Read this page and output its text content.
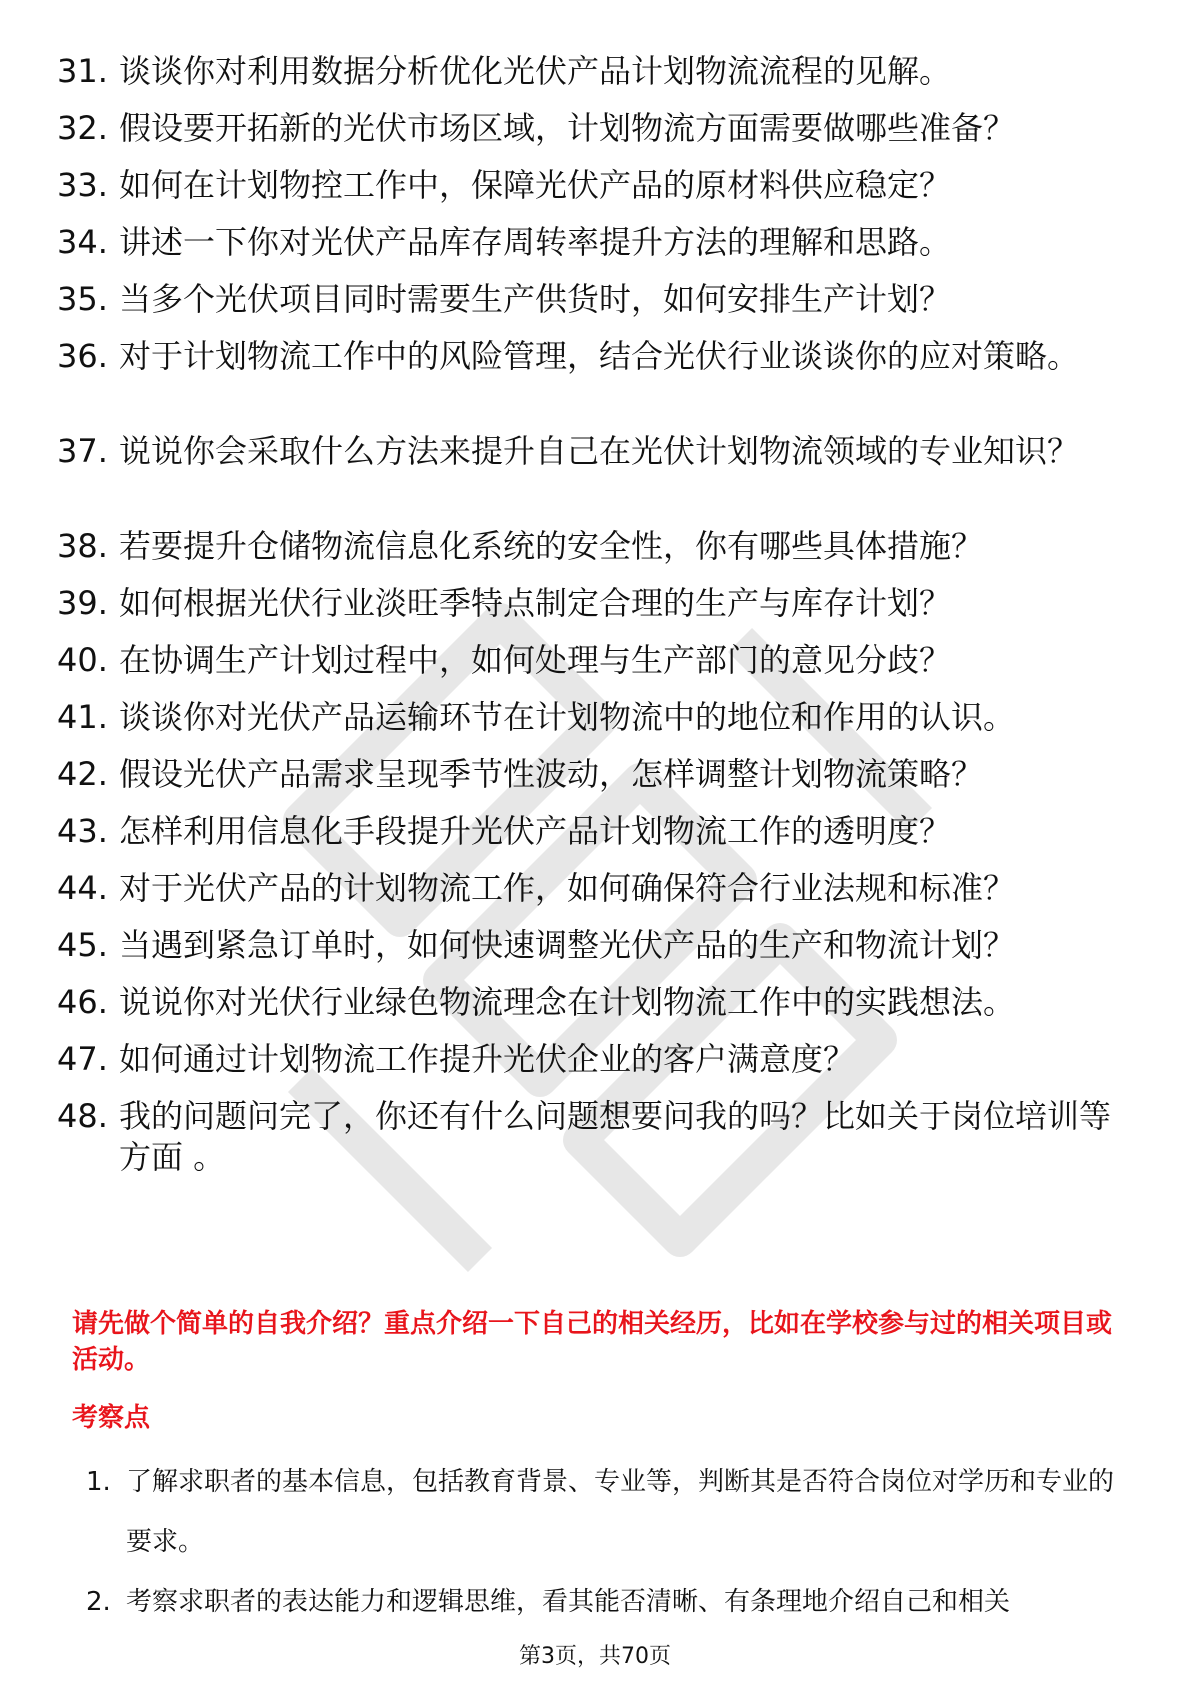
31. 谈谈你对利用数据分析优化光伏产品计划物流流程的见解。
32. 假设要开拓新的光伏市场区域，计划物流方面需要做哪些准备？
33. 如何在计划物控工作中，保障光伏产品的原材料供应稳定？
34. 讲述一下你对光伏产品库存周转率提升方法的理解和思路。
35. 当多个光伏项目同时需要生产供货时，如何安排生产计划？
36. 对于计划物流工作中的风险管理，结合光伏行业谈谈你的应对策略。
37. 说说你会采取什么方法来提升自己在光伏计划物流领域的专业知识？
38. 若要提升仓储物流信息化系统的安全性，你有哪些具体措施？
39. 如何根据光伏行业淡旺季特点制定合理的生产与库存计划？
40. 在协调生产计划过程中，如何处理与生产部门的意见分歧？
41. 谈谈你对光伏产品运输环节在计划物流中的地位和作用的认识。
42. 假设光伏产品需求呈现季节性波动，怎样调整计划物流策略？
43. 怎样利用信息化手段提升光伏产品计划物流工作的透明度？
44. 对于光伏产品的计划物流工作，如何确保符合行业法规和标准？
45. 当遇到紧急订单时，如何快速调整光伏产品的生产和物流计划？
46. 说说你对光伏行业绿色物流理念在计划物流工作中的实践想法。
47. 如何通过计划物流工作提升光伏企业的客户满意度？
48. 我的问题问完了，你还有什么问题想要问我的吗？比如关于岗位培训等方面 。
请先做个简单的自我介绍？重点介绍一下自己的相关经历，比如在学校参与过的相关项目或活动。
考察点
1. 了解求职者的基本信息，包括教育背景、专业等，判断其是否符合岗位对学历和专业的要求。
2. 考察求职者的表达能力和逻辑思维，看其能否清晰、有条理地介绍自己和相关
第3页，共70页
